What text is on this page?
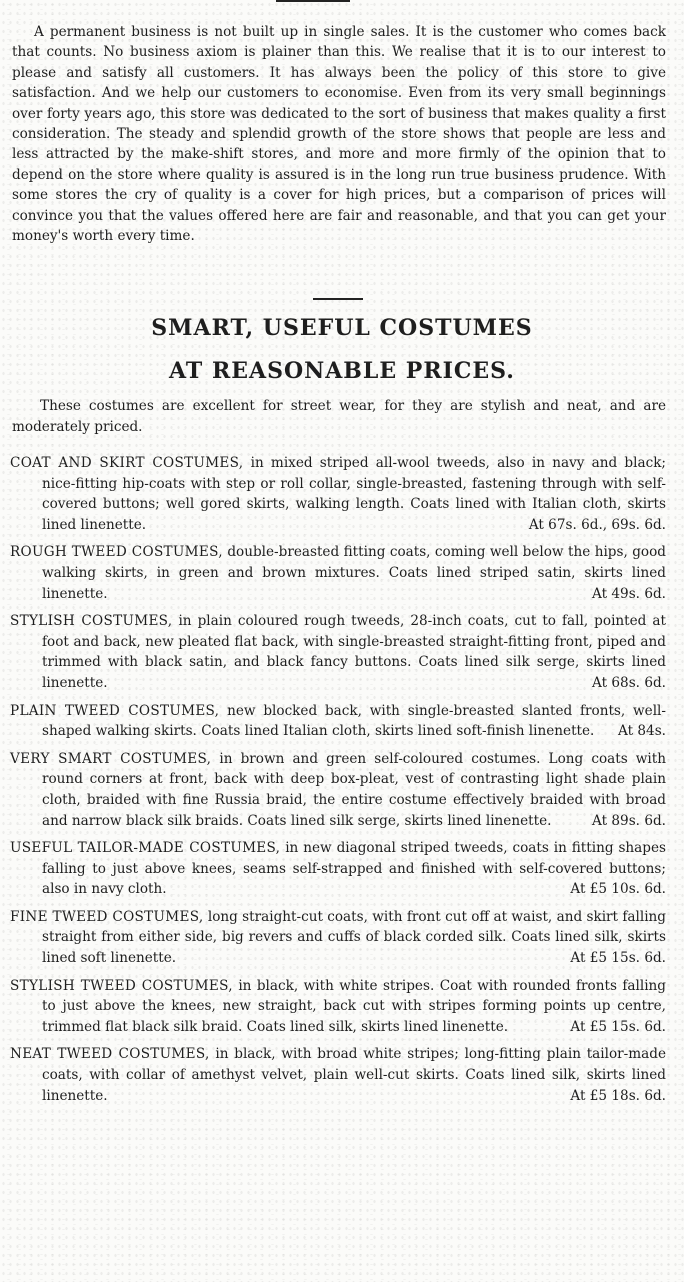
A permanent business is not built up in single sales. It is the customer who comes back that counts. No business axiom is plainer than this. We realise that it is to our interest to please and satisfy all customers. It has always been the policy of this store to give satisfaction. And we help our customers to economise. Even from its very small beginnings over forty years ago, this store was dedicated to the sort of business that makes quality a first consideration. The steady and splendid growth of the store shows that people are less and less attracted by the make-shift stores, and more and more firmly of the opinion that to depend on the store where quality is assured is in the long run true business prudence. With some stores the cry of quality is a cover for high prices, but a comparison of prices will convince you that the values offered here are fair and reasonable, and that you can get your money's worth every time.

SMART, USEFUL COSTUMES
AT REASONABLE PRICES.

These costumes are excellent for street wear, for they are stylish and neat, and are moderately priced.

COAT AND SKIRT COSTUMES, in mixed striped all-wool tweeds, also in navy and black; nice-fitting hip-coats with step or roll collar, single-breasted, fastening through with self-covered buttons; well gored skirts, walking length. Coats lined with Italian cloth, skirts lined linenette.	At 67s. 6d., 69s. 6d.

ROUGH TWEED COSTUMES, double-breasted fitting coats, coming well below the hips, good walking skirts, in green and brown mixtures. Coats lined striped satin, skirts lined linenette.	At 49s. 6d.

STYLISH COSTUMES, in plain coloured rough tweeds, 28-inch coats, cut to fall, pointed at foot and back, new pleated flat back, with single-breasted straight-fitting front, piped and trimmed with black satin, and black fancy buttons. Coats lined silk serge, skirts lined linenette.	At 68s. 6d.

PLAIN TWEED COSTUMES, new blocked back, with single-breasted slanted fronts, well-shaped walking skirts. Coats lined Italian cloth, skirts lined soft-finish linenette.	At 84s.

VERY SMART COSTUMES, in brown and green self-coloured costumes. Long coats with round corners at front, back with deep box-pleat, vest of contrasting light shade plain cloth, braided with fine Russia braid, the entire costume effectively braided with broad and narrow black silk braids. Coats lined silk serge, skirts lined linenette.	At 89s. 6d.

USEFUL TAILOR-MADE COSTUMES, in new diagonal striped tweeds, coats in fitting shapes falling to just above knees, seams self-strapped and finished with self-covered buttons; also in navy cloth.	At £5 10s. 6d.

FINE TWEED COSTUMES, long straight-cut coats, with front cut off at waist, and skirt falling straight from either side, big revers and cuffs of black corded silk. Coats lined silk, skirts lined soft linenette.	At £5 15s. 6d.

STYLISH TWEED COSTUMES, in black, with white stripes. Coat with rounded fronts falling to just above the knees, new straight, back cut with stripes forming points up centre, trimmed flat black silk braid. Coats lined silk, skirts lined linenette.	At £5 15s. 6d.

NEAT TWEED COSTUMES, in black, with broad white stripes; long-fitting plain tailor-made coats, with collar of amethyst velvet, plain well-cut skirts. Coats lined silk, skirts lined linenette.	At £5 18s. 6d.
